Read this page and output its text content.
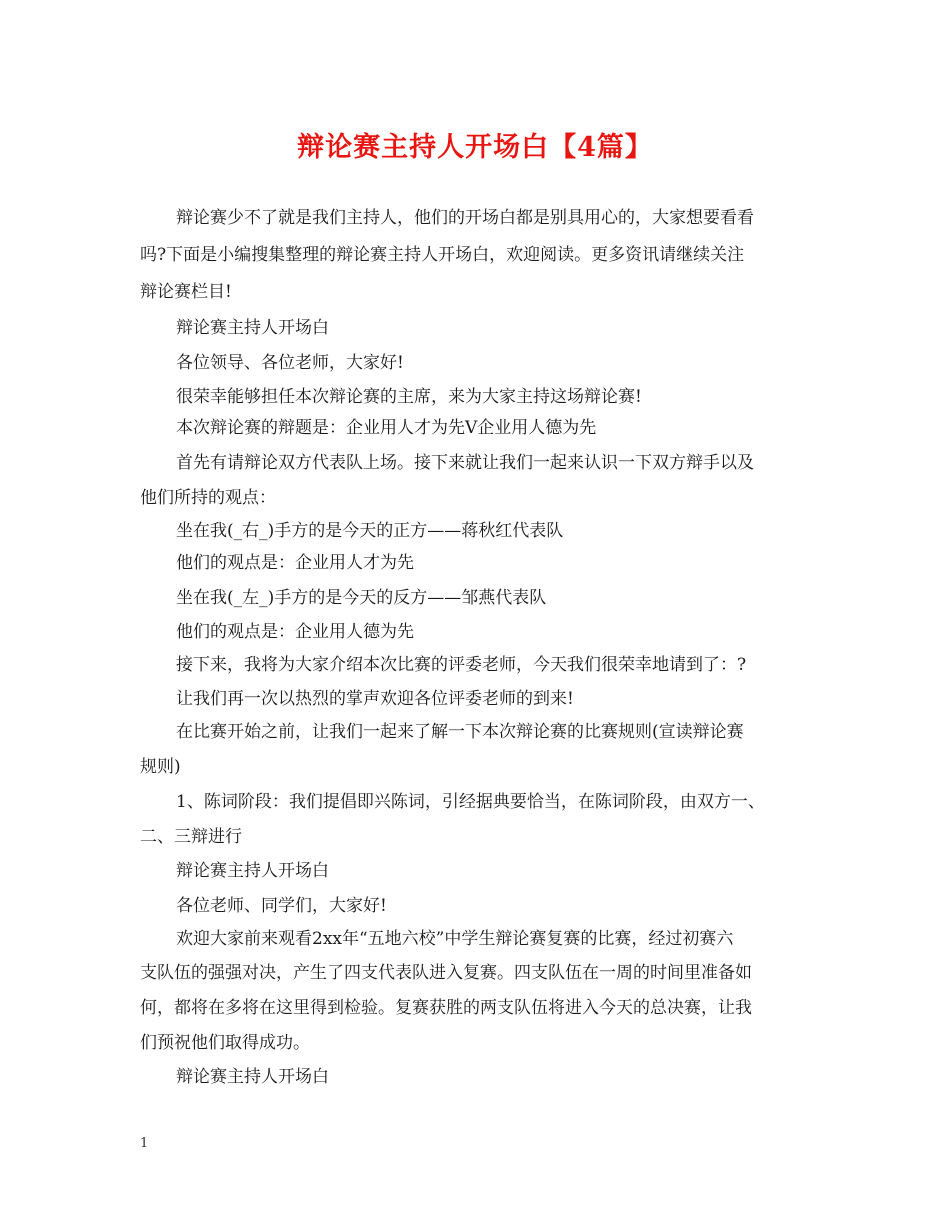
辩论赛主持人开场白【4篇】
辩论赛少不了就是我们主持人，他们的开场白都是别具用心的，大家想要看看
吗?下面是小编搜集整理的辩论赛主持人开场白，欢迎阅读。更多资讯请继续关注
辩论赛栏目!
辩论赛主持人开场白
各位领导、各位老师，大家好!
很荣幸能够担任本次辩论赛的主席，来为大家主持这场辩论赛!
本次辩论赛的辩题是：企业用人才为先Ⅴ企业用人德为先
首先有请辩论双方代表队上场。接下来就让我们一起来认识一下双方辩手以及
他们所持的观点：
坐在我(_右_)手方的是今天的正方——蒋秋红代表队
他们的观点是：企业用人才为先
坐在我(_左_)手方的是今天的反方——邹燕代表队
他们的观点是：企业用人德为先
接下来，我将为大家介绍本次比赛的评委老师，今天我们很荣幸地请到了：?
让我们再一次以热烈的掌声欢迎各位评委老师的到来!
在比赛开始之前，让我们一起来了解一下本次辩论赛的比赛规则(宣读辩论赛
规则)
1、陈词阶段：我们提倡即兴陈词，引经据典要恰当，在陈词阶段，由双方一、
二、三辩进行
辩论赛主持人开场白
各位老师、同学们，大家好!
欢迎大家前来观看2xx年“五地六校”中学生辩论赛复赛的比赛，经过初赛六
支队伍的强强对决，产生了四支代表队进入复赛。四支队伍在一周的时间里准备如
何，都将在多将在这里得到检验。复赛获胜的两支队伍将进入今天的总决赛，让我
们预祝他们取得成功。
辩论赛主持人开场白
1
